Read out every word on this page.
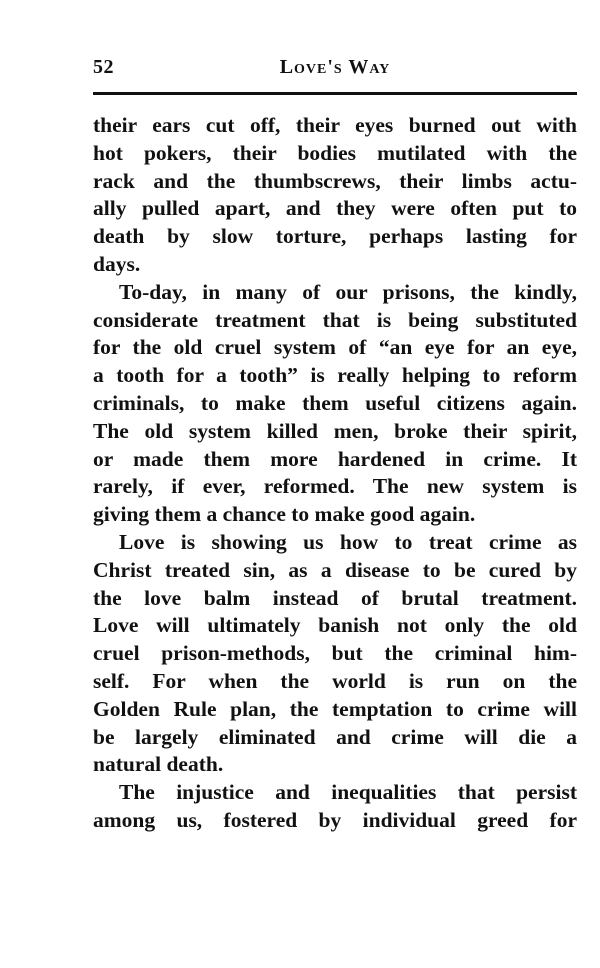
52	Love's Way
their ears cut off, their eyes burned out with
hot pokers, their bodies mutilated with the
rack and the thumbscrews, their limbs actu-
ally pulled apart, and they were often put to
death by slow torture, perhaps lasting for
days.
To-day, in many of our prisons, the kindly,
considerate treatment that is being substituted
for the old cruel system of “an eye for an eye,
a tooth for a tooth” is really helping to reform
criminals, to make them useful citizens again.
The old system killed men, broke their spirit,
or made them more hardened in crime. It
rarely, if ever, reformed. The new system is
giving them a chance to make good again.
Love is showing us how to treat crime as
Christ treated sin, as a disease to be cured by
the love balm instead of brutal treatment.
Love will ultimately banish not only the old
cruel prison-methods, but the criminal him-
self. For when the world is run on the
Golden Rule plan, the temptation to crime will
be largely eliminated and crime will die a
natural death.
The injustice and inequalities that persist
among us, fostered by individual greed for
